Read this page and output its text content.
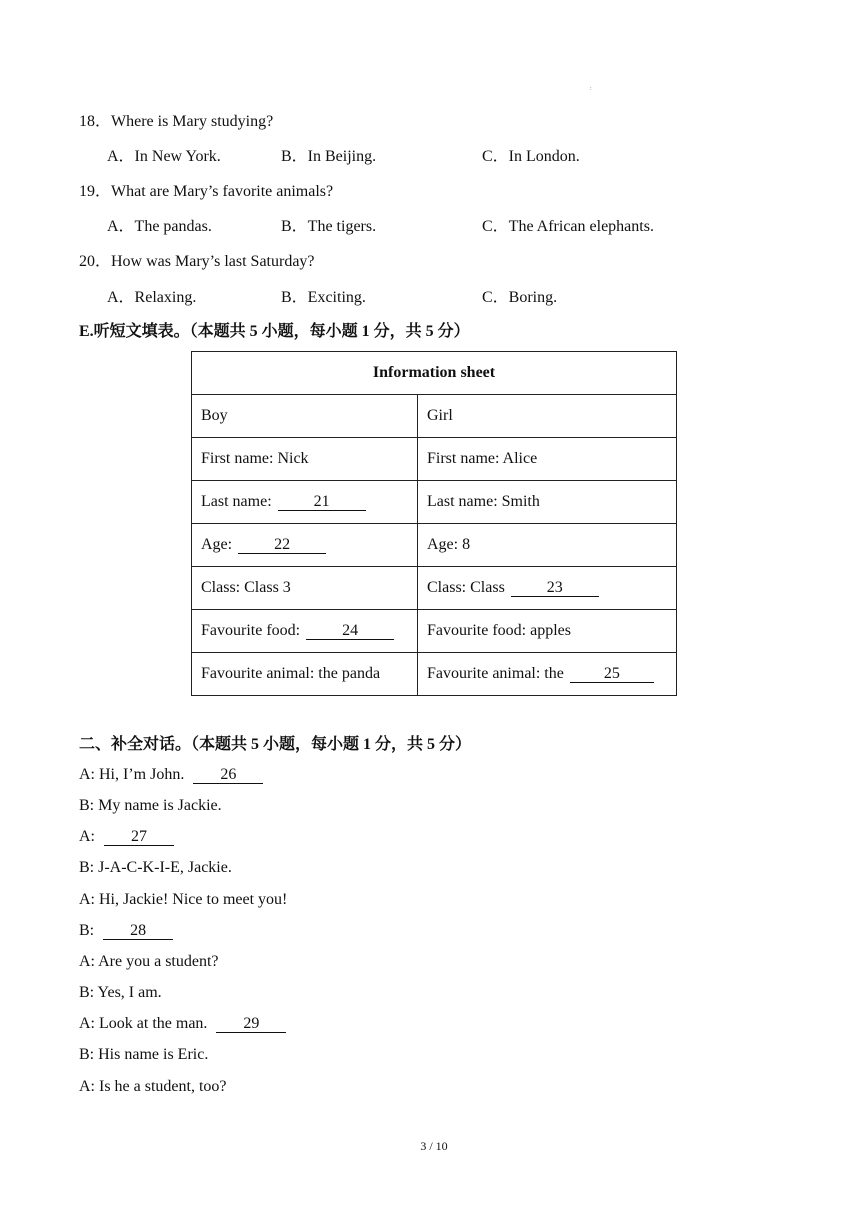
:
18．Where is Mary studying?
A．In New York.	B．In Beijing.	C．In London.
19．What are Mary’s favorite animals?
A．The pandas.	B．The tigers.	C．The African elephants.
20．How was Mary’s last Saturday?
A．Relaxing.	B．Exciting.	C．Boring.
E.听短文填表。（本题共 5 小题，每小题 1 分，共 5 分）
Information sheet	
Boy	Girl
First name: Nick	First name: Alice
Last name: 21	Last name: Smith
Age: 22	Age: 8
Class: Class 3	Class: Class 23
Favourite food: 24	Favourite food: apples
Favourite animal: the panda	Favourite animal: the 25
二、补全对话。（本题共 5 小题，每小题 1 分，共 5 分）
A: Hi, I’m John. 26
B: My name is Jackie.
A: 27
B: J-A-C-K-I-E, Jackie.
A: Hi, Jackie! Nice to meet you!
B: 28
A: Are you a student?
B: Yes, I am.
A: Look at the man. 29
B: His name is Eric.
A: Is he a student, too?
3 / 10
